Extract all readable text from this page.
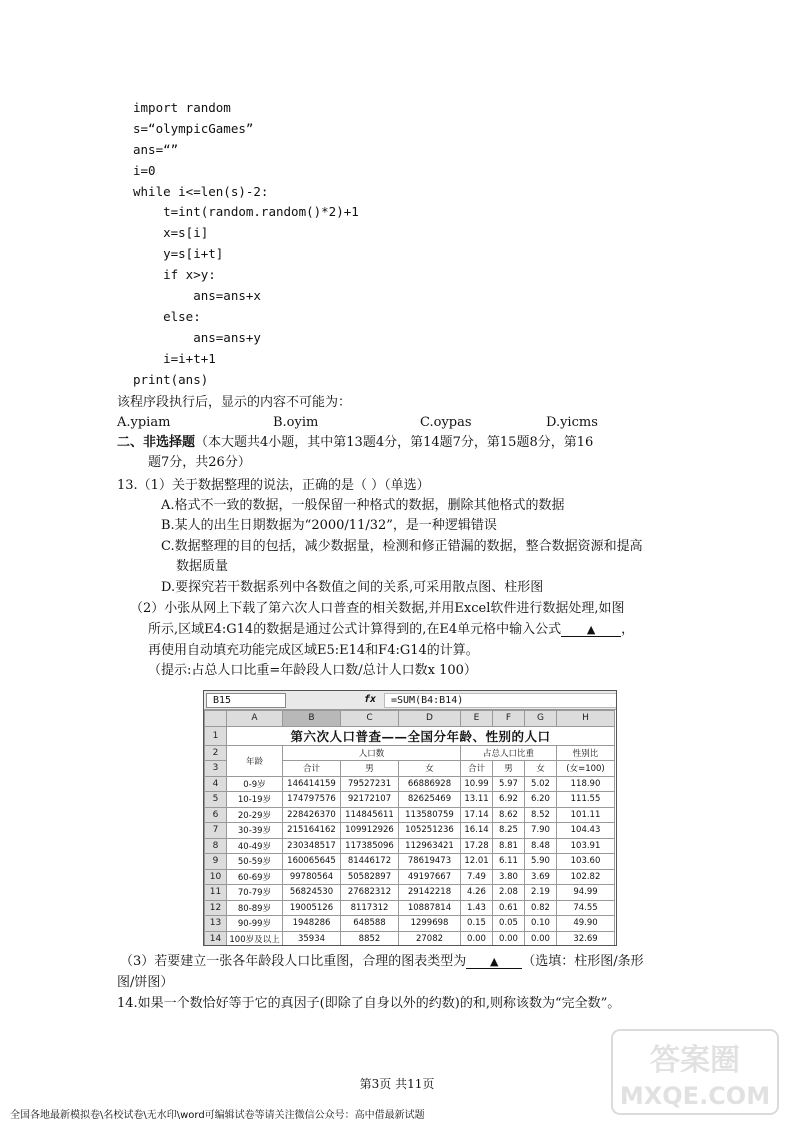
import random
s=“olympicGames”
ans=“”
i=0
while i<=len(s)-2:
t=int(random.random()*2)+1
x=s[i]
y=s[i+t]
if x>y:
ans=ans+x
else:
ans=ans+y
i=i+t+1
print(ans)
该程序段执行后，显示的内容不可能为：
A.ypiam	B.oyim	C.oypas	D.yicms
二、非选择题（本大题共4小题，其中第13题4分，第14题7分，第15题8分，第16
题7分，共26分）
13.（1）关于数据整理的说法，正确的是（ ）（单选）
A.格式不一致的数据，一般保留一种格式的数据，删除其他格式的数据
B.某人的出生日期数据为“2000/11/32”，是一种逻辑错误
C.数据整理的目的包括，减少数据量，检测和修正错漏的数据，整合数据资源和提高
数据质量
D.要探究若干数据系列中各数值之间的关系,可采用散点图、柱形图
（2）小张从网上下载了第六次人口普查的相关数据,并用Excel软件进行数据处理,如图
所示,区域E4:G14的数据是通过公式计算得到的,在E4单元格中输入公式 ▲ ，
再使用自动填充功能完成区域E5:E14和F4:G14的计算。
（提示:占总人口比重=年龄段人口数/总计人口数x 100）
B15	fx	=SUM(B4:B14)
	A	B	C	D	E	F	G	H
1	第六次人口普查——全国分年龄、性别的人口							
2	年龄	人口数			占总人口比重			性别比
3		合计	男	女	合计	男	女	(女=100)
4	0-9岁	146414159	79527231	66886928	10.99	5.97	5.02	118.90
5	10-19岁	174797576	92172107	82625469	13.11	6.92	6.20	111.55
6	20-29岁	228426370	114845611	113580759	17.14	8.62	8.52	101.11
7	30-39岁	215164162	109912926	105251236	16.14	8.25	7.90	104.43
8	40-49岁	230348517	117385096	112963421	17.28	8.81	8.48	103.91
9	50-59岁	160065645	81446172	78619473	12.01	6.11	5.90	103.60
10	60-69岁	99780564	50582897	49197667	7.49	3.80	3.69	102.82
11	70-79岁	56824530	27682312	29142218	4.26	2.08	2.19	94.99
12	80-89岁	19005126	8117312	10887814	1.43	0.61	0.82	74.55
13	90-99岁	1948286	648588	1299698	0.15	0.05	0.10	49.90
14	100岁及以上	35934	8852	27082	0.00	0.00	0.00	32.69

（3）若要建立一张各年龄段人口比重图，合理的图表类型为 ▲ （选填：柱形图/条形
图/饼图）
14.如果一个数恰好等于它的真因子(即除了自身以外的约数)的和,则称该数为“完全数”。
第3页 共11页
全国各地最新模拟卷\名校试卷\无水印\word可编辑试卷等请关注微信公众号：高中借最新试题
答案圈
MXQE.COM
